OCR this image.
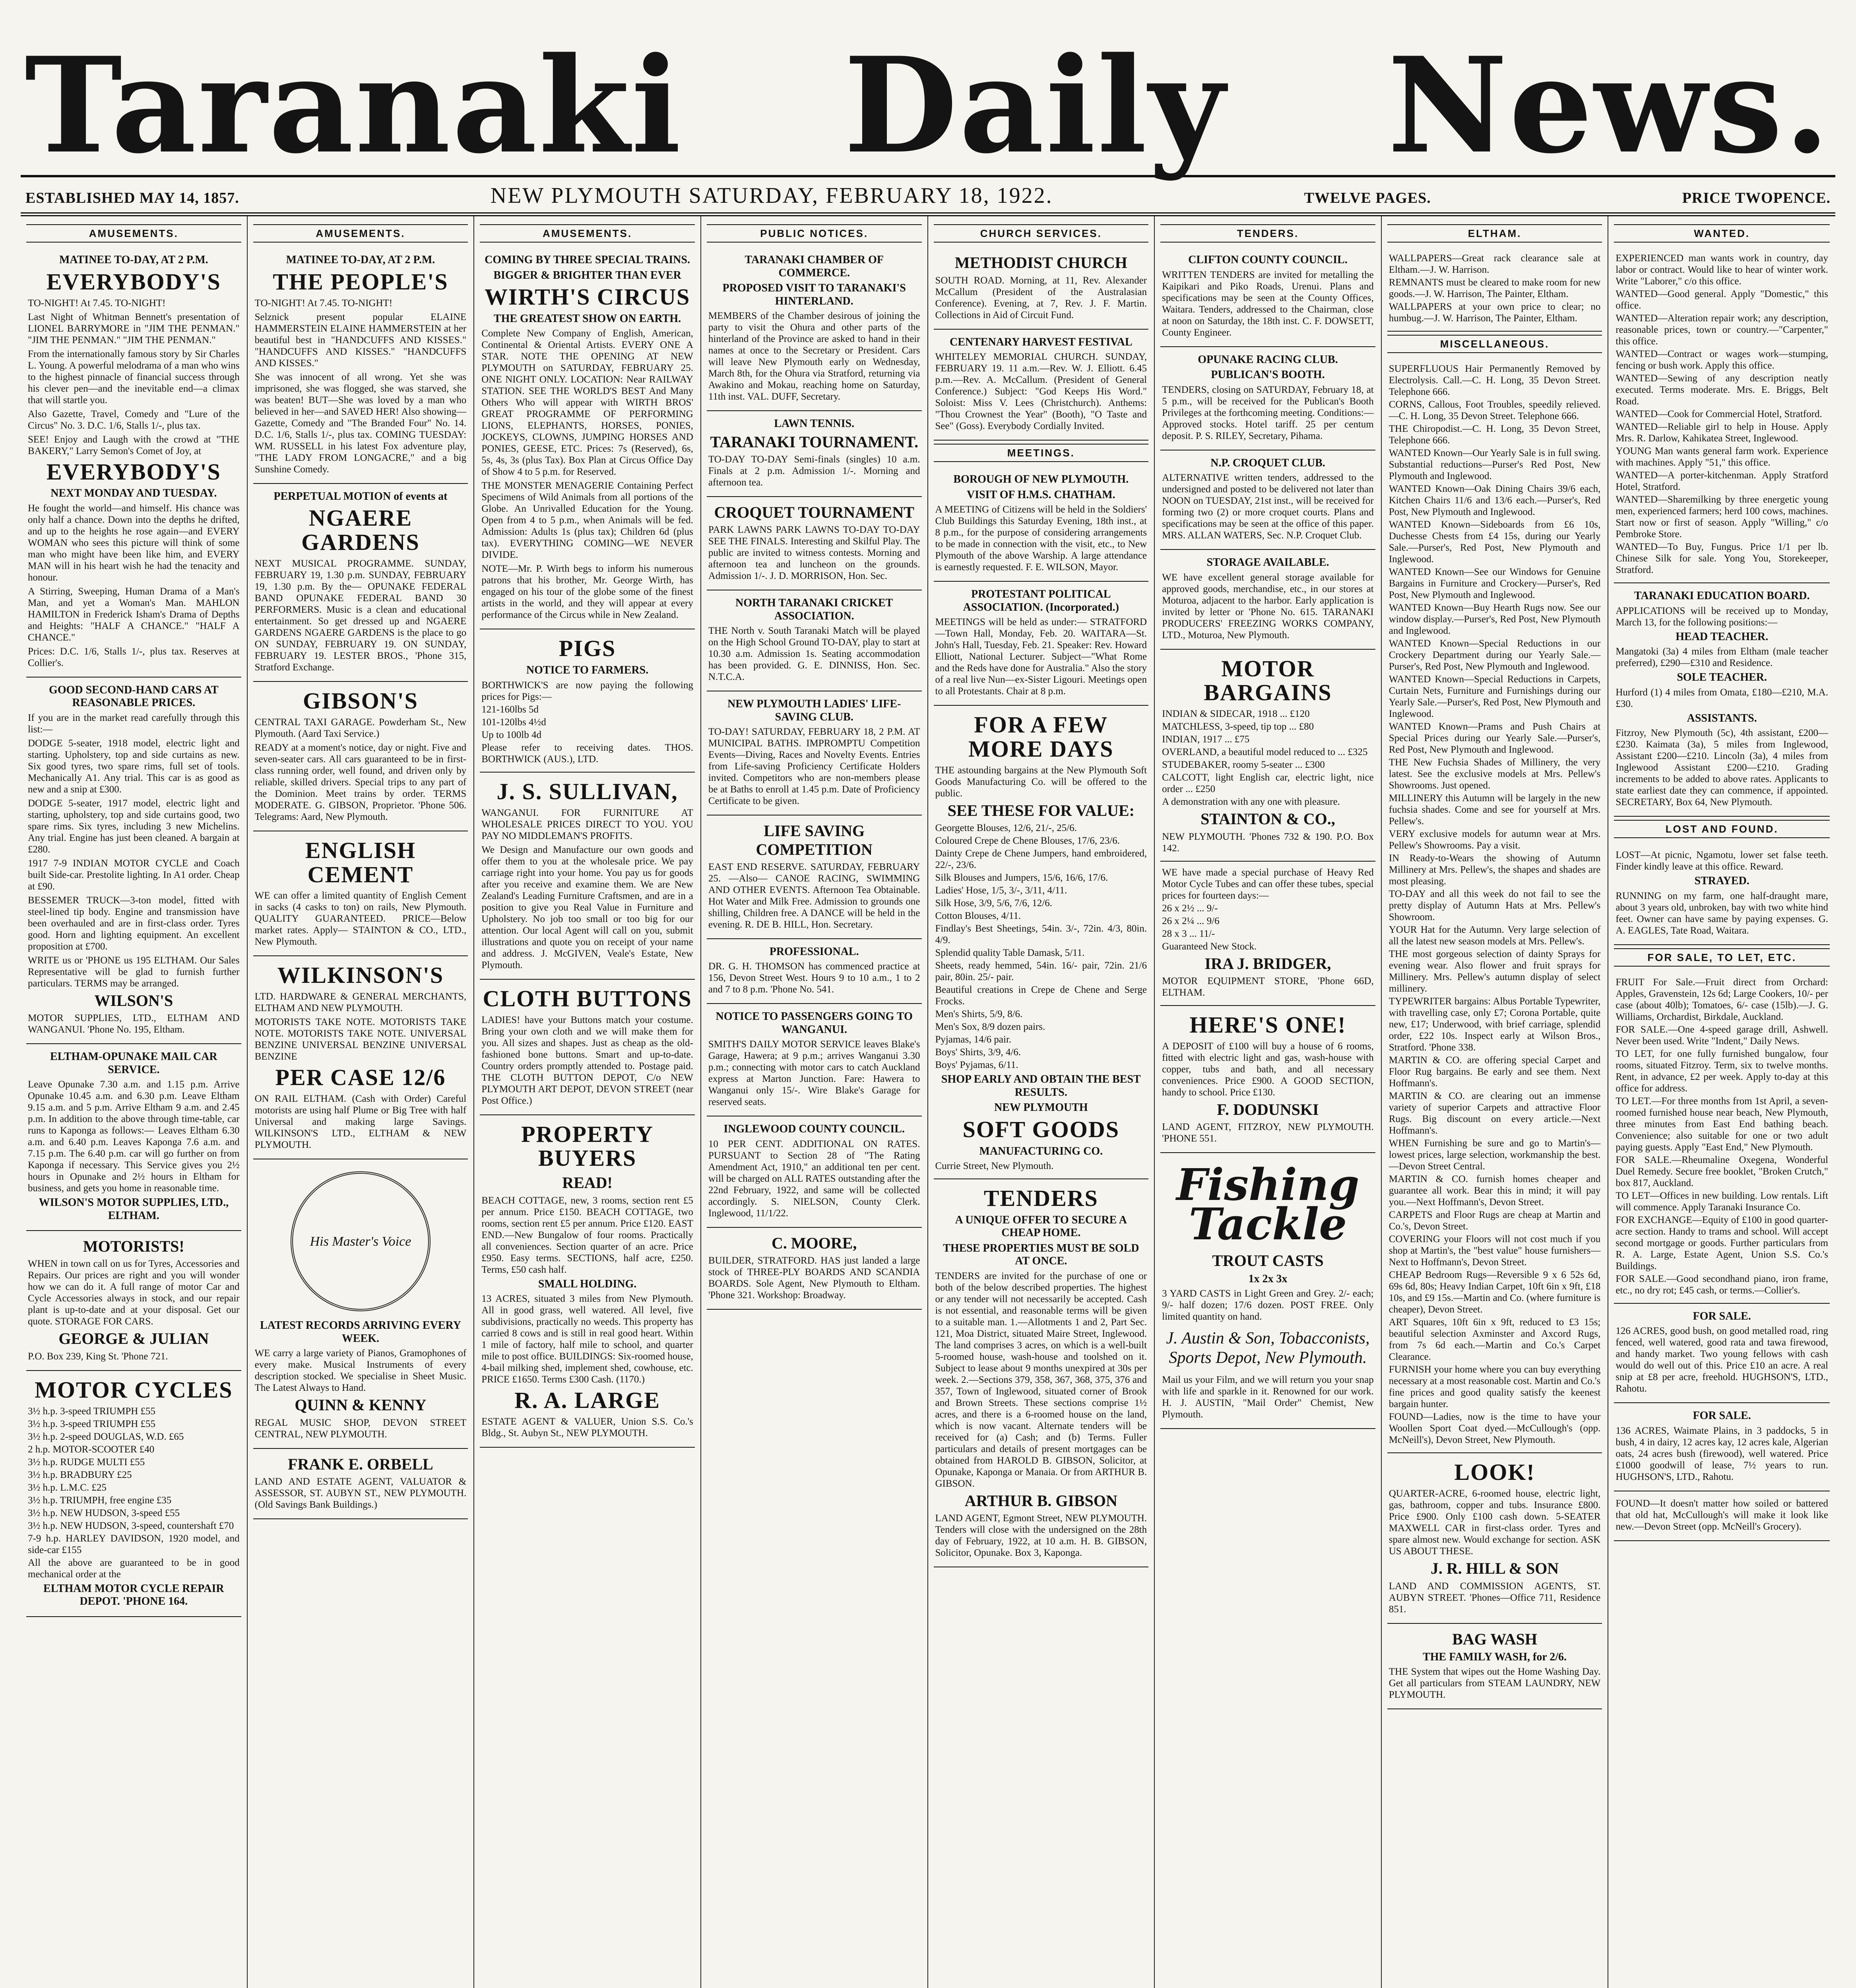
Taranaki Daily News.
ESTABLISHED MAY 14, 1857.	NEW PLYMOUTH SATURDAY, FEBRUARY 18, 1922.	TWELVE PAGES.	PRICE TWOPENCE.
AMUSEMENTS.
MATINEE TO-DAY, AT 2 P.M.
EVERYBODY'S

TO-NIGHT! At 7.45. TO-NIGHT!

Last Night of Whitman Bennett's presentation of LIONEL BARRYMORE in "JIM THE PENMAN." "JIM THE PENMAN." "JIM THE PENMAN."

From the internationally famous story by Sir Charles L. Young. A powerful melodrama of a man who wins to the highest pinnacle of financial success through his clever pen—and the inevitable end—a climax that will startle you.

Also Gazette, Travel, Comedy and "Lure of the Circus" No. 3. D.C. 1/6, Stalls 1/-, plus tax.

SEE! Enjoy and Laugh with the crowd at "THE BAKERY," Larry Semon's Comet of Joy, at

EVERYBODY'S
NEXT MONDAY AND TUESDAY.

He fought the world—and himself. His chance was only half a chance. Down into the depths he drifted, and up to the heights he rose again—and EVERY WOMAN who sees this picture will think of some man who might have been like him, and EVERY MAN will in his heart wish he had the tenacity and honour.

A Stirring, Sweeping, Human Drama of a Man's Man, and yet a Woman's Man. MAHLON HAMILTON in Frederick Isham's Drama of Depths and Heights: "HALF A CHANCE." "HALF A CHANCE."

Prices: D.C. 1/6, Stalls 1/-, plus tax. Reserves at Collier's.

GOOD SECOND-HAND CARS AT REASONABLE PRICES.

If you are in the market read carefully through this list:—

DODGE 5-seater, 1918 model, electric light and starting. Upholstery, top and side curtains as new. Six good tyres, two spare rims, full set of tools. Mechanically A1. Any trial. This car is as good as new and a snip at £300.

DODGE 5-seater, 1917 model, electric light and starting, upholstery, top and side curtains good, two spare rims. Six tyres, including 3 new Michelins. Any trial. Engine has just been cleaned. A bargain at £280.

1917 7-9 INDIAN MOTOR CYCLE and Coach built Side-car. Prestolite lighting. In A1 order. Cheap at £90.

BESSEMER TRUCK—3-ton model, fitted with steel-lined tip body. Engine and transmission have been overhauled and are in first-class order. Tyres good. Horn and lighting equipment. An excellent proposition at £700.

WRITE us or 'PHONE us 195 ELTHAM. Our Sales Representative will be glad to furnish further particulars. TERMS may be arranged.

WILSON'S

MOTOR SUPPLIES, LTD., ELTHAM AND WANGANUI. 'Phone No. 195, Eltham.

ELTHAM-OPUNAKE MAIL CAR SERVICE.

Leave Opunake 7.30 a.m. and 1.15 p.m. Arrive Opunake 10.45 a.m. and 6.30 p.m. Leave Eltham 9.15 a.m. and 5 p.m. Arrive Eltham 9 a.m. and 2.45 p.m. In addition to the above through time-table, car runs to Kaponga as follows:— Leaves Eltham 6.30 a.m. and 6.40 p.m. Leaves Kaponga 7.6 a.m. and 7.15 p.m. The 6.40 p.m. car will go further on from Kaponga if necessary. This Service gives you 2½ hours in Opunake and 2½ hours in Eltham for business, and gets you home in reasonable time.

WILSON'S MOTOR SUPPLIES, LTD., ELTHAM.
MOTORISTS!

WHEN in town call on us for Tyres, Accessories and Repairs. Our prices are right and you will wonder how we can do it. A full range of motor Car and Cycle Accessories always in stock, and our repair plant is up-to-date and at your disposal. Get our quote. STORAGE FOR CARS.

GEORGE & JULIAN

P.O. Box 239, King St. 'Phone 721.

MOTOR CYCLES

3½ h.p. 3-speed TRIUMPH £55

3½ h.p. 3-speed TRIUMPH £55

3½ h.p. 2-speed DOUGLAS, W.D. £65

2 h.p. MOTOR-SCOOTER £40

3½ h.p. RUDGE MULTI £55

3½ h.p. BRADBURY £25

3½ h.p. L.M.C. £25

3½ h.p. TRIUMPH, free engine £35

3½ h.p. NEW HUDSON, 3-speed £55

3½ h.p. NEW HUDSON, 3-speed, countershaft £70

7-9 h.p. HARLEY DAVIDSON, 1920 model, and side-car £155

All the above are guaranteed to be in good mechanical order at the

ELTHAM MOTOR CYCLE REPAIR DEPOT. 'PHONE 164.
AMUSEMENTS.
MATINEE TO-DAY, AT 2 P.M.
THE PEOPLE'S

TO-NIGHT! At 7.45. TO-NIGHT!

Selznick present popular ELAINE HAMMERSTEIN ELAINE HAMMERSTEIN at her beautiful best in "HANDCUFFS AND KISSES." "HANDCUFFS AND KISSES." "HANDCUFFS AND KISSES."

She was innocent of all wrong. Yet she was imprisoned, she was flogged, she was starved, she was beaten! BUT—She was loved by a man who believed in her—and SAVED HER! Also showing—Gazette, Comedy and "The Branded Four" No. 14. D.C. 1/6, Stalls 1/-, plus tax. COMING TUESDAY: WM. RUSSELL in his latest Fox adventure play, "THE LADY FROM LONGACRE," and a big Sunshine Comedy.

PERPETUAL MOTION of events at
NGAERE GARDENS

NEXT MUSICAL PROGRAMME. SUNDAY, FEBRUARY 19, 1.30 p.m. SUNDAY, FEBRUARY 19, 1.30 p.m. By the— OPUNAKE FEDERAL BAND OPUNAKE FEDERAL BAND 30 PERFORMERS. Music is a clean and educational entertainment. So get dressed up and NGAERE GARDENS NGAERE GARDENS is the place to go ON SUNDAY, FEBRUARY 19. ON SUNDAY, FEBRUARY 19. LESTER BROS., 'Phone 315, Stratford Exchange.

GIBSON'S

CENTRAL TAXI GARAGE. Powderham St., New Plymouth. (Aard Taxi Service.)

READY at a moment's notice, day or night. Five and seven-seater cars. All cars guaranteed to be in first-class running order, well found, and driven only by reliable, skilled drivers. Special trips to any part of the Dominion. Meet trains by order. TERMS MODERATE. G. GIBSON, Proprietor. 'Phone 506. Telegrams: Aard, New Plymouth.

ENGLISH CEMENT

WE can offer a limited quantity of English Cement in sacks (4 casks to ton) on rails, New Plymouth. QUALITY GUARANTEED. PRICE—Below market rates. Apply— STAINTON & CO., LTD., New Plymouth.

WILKINSON'S

LTD. HARDWARE & GENERAL MERCHANTS, ELTHAM AND NEW PLYMOUTH.

MOTORISTS TAKE NOTE. MOTORISTS TAKE NOTE. MOTORISTS TAKE NOTE. UNIVERSAL BENZINE UNIVERSAL BENZINE UNIVERSAL BENZINE

PER CASE 12/6

ON RAIL ELTHAM. (Cash with Order) Careful motorists are using half Plume or Big Tree with half Universal and making large Savings. WILKINSON'S LTD., ELTHAM & NEW PLYMOUTH.

His Master's Voice
LATEST RECORDS ARRIVING EVERY WEEK.

WE carry a large variety of Pianos, Gramophones of every make. Musical Instruments of every description stocked. We specialise in Sheet Music. The Latest Always to Hand.

QUINN & KENNY

REGAL MUSIC SHOP, DEVON STREET CENTRAL, NEW PLYMOUTH.

FRANK E. ORBELL

LAND AND ESTATE AGENT, VALUATOR & ASSESSOR, ST. AUBYN ST., NEW PLYMOUTH. (Old Savings Bank Buildings.)

AMUSEMENTS.
COMING BY THREE SPECIAL TRAINS.
BIGGER & BRIGHTER THAN EVER
WIRTH'S CIRCUS
THE GREATEST SHOW ON EARTH.

Complete New Company of English, American, Continental & Oriental Artists. EVERY ONE A STAR. NOTE THE OPENING AT NEW PLYMOUTH on SATURDAY, FEBRUARY 25. ONE NIGHT ONLY. LOCATION: Near RAILWAY STATION. SEE THE WORLD'S BEST And Many Others Who will appear with WIRTH BROS' GREAT PROGRAMME OF PERFORMING LIONS, ELEPHANTS, HORSES, PONIES, JOCKEYS, CLOWNS, JUMPING HORSES AND PONIES, GEESE, ETC. Prices: 7s (Reserved), 6s, 5s, 4s, 3s (plus Tax). Box Plan at Circus Office Day of Show 4 to 5 p.m. for Reserved.

THE MONSTER MENAGERIE Containing Perfect Specimens of Wild Animals from all portions of the Globe. An Unrivalled Education for the Young. Open from 4 to 5 p.m., when Animals will be fed. Admission: Adults 1s (plus tax); Children 6d (plus tax). EVERYTHING COMING—WE NEVER DIVIDE.

NOTE—Mr. P. Wirth begs to inform his numerous patrons that his brother, Mr. George Wirth, has engaged on his tour of the globe some of the finest artists in the world, and they will appear at every performance of the Circus while in New Zealand.

PIGS
NOTICE TO FARMERS.

BORTHWICK'S are now paying the following prices for Pigs:—

121-160lbs 5d

101-120lbs 4½d

Up to 100lb 4d

Please refer to receiving dates. THOS. BORTHWICK (AUS.), LTD.

J. S. SULLIVAN,

WANGANUI. FOR FURNITURE AT WHOLESALE PRICES DIRECT TO YOU. YOU PAY NO MIDDLEMAN'S PROFITS.

We Design and Manufacture our own goods and offer them to you at the wholesale price. We pay carriage right into your home. You pay us for goods after you receive and examine them. We are New Zealand's Leading Furniture Craftsmen, and are in a position to give you Real Value in Furniture and Upholstery. No job too small or too big for our attention. Our local Agent will call on you, submit illustrations and quote you on receipt of your name and address. J. McGIVEN, Veale's Estate, New Plymouth.

CLOTH BUTTONS

LADIES! have your Buttons match your costume. Bring your own cloth and we will make them for you. All sizes and shapes. Just as cheap as the old-fashioned bone buttons. Smart and up-to-date. Country orders promptly attended to. Postage paid. THE CLOTH BUTTON DEPOT, C/o NEW PLYMOUTH ART DEPOT, DEVON STREET (near Post Office.)

PROPERTY BUYERS
READ!

BEACH COTTAGE, new, 3 rooms, section rent £5 per annum. Price £150. BEACH COTTAGE, two rooms, section rent £5 per annum. Price £120. EAST END.—New Bungalow of four rooms. Practically all conveniences. Section quarter of an acre. Price £950. Easy terms. SECTIONS, half acre, £250. Terms, £50 cash half.

SMALL HOLDING.

13 ACRES, situated 3 miles from New Plymouth. All in good grass, well watered. All level, five subdivisions, practically no weeds. This property has carried 8 cows and is still in real good heart. Within 1 mile of factory, half mile to school, and quarter mile to post office. BUILDINGS: Six-roomed house, 4-bail milking shed, implement shed, cowhouse, etc. PRICE £1650. Terms £300 Cash. (1170.)

R. A. LARGE

ESTATE AGENT & VALUER, Union S.S. Co.'s Bldg., St. Aubyn St., NEW PLYMOUTH.

PUBLIC NOTICES.
TARANAKI CHAMBER OF COMMERCE.
PROPOSED VISIT TO TARANAKI'S HINTERLAND.

MEMBERS of the Chamber desirous of joining the party to visit the Ohura and other parts of the hinterland of the Province are asked to hand in their names at once to the Secretary or President. Cars will leave New Plymouth early on Wednesday, March 8th, for the Ohura via Stratford, returning via Awakino and Mokau, reaching home on Saturday, 11th inst. VAL. DUFF, Secretary.

LAWN TENNIS.
TARANAKI TOURNAMENT.

TO-DAY TO-DAY Semi-finals (singles) 10 a.m. Finals at 2 p.m. Admission 1/-. Morning and afternoon tea.

CROQUET TOURNAMENT

PARK LAWNS PARK LAWNS TO-DAY TO-DAY SEE THE FINALS. Interesting and Skilful Play. The public are invited to witness contests. Morning and afternoon tea and luncheon on the grounds. Admission 1/-. J. D. MORRISON, Hon. Sec.

NORTH TARANAKI CRICKET ASSOCIATION.

THE North v. South Taranaki Match will be played on the High School Ground TO-DAY, play to start at 10.30 a.m. Admission 1s. Seating accommodation has been provided. G. E. DINNISS, Hon. Sec. N.T.C.A.

NEW PLYMOUTH LADIES' LIFE-SAVING CLUB.

TO-DAY! SATURDAY, FEBRUARY 18, 2 P.M. AT MUNICIPAL BATHS. IMPROMPTU Competition Events—Diving, Races and Novelty Events. Entries from Life-saving Proficiency Certificate Holders invited. Competitors who are non-members please be at Baths to enroll at 1.45 p.m. Date of Proficiency Certificate to be given.

LIFE SAVING COMPETITION

EAST END RESERVE. SATURDAY, FEBRUARY 25. —Also— CANOE RACING, SWIMMING AND OTHER EVENTS. Afternoon Tea Obtainable. Hot Water and Milk Free. Admission to grounds one shilling, Children free. A DANCE will be held in the evening. R. DE B. HILL, Hon. Secretary.

PROFESSIONAL.

DR. G. H. THOMSON has commenced practice at 156, Devon Street West. Hours 9 to 10 a.m., 1 to 2 and 7 to 8 p.m. 'Phone No. 541.

NOTICE TO PASSENGERS GOING TO WANGANUI.

SMITH'S DAILY MOTOR SERVICE leaves Blake's Garage, Hawera; at 9 p.m.; arrives Wanganui 3.30 p.m.; connecting with motor cars to catch Auckland express at Marton Junction. Fare: Hawera to Wanganui only 15/-. Wire Blake's Garage for reserved seats.

INGLEWOOD COUNTY COUNCIL.

10 PER CENT. ADDITIONAL ON RATES. PURSUANT to Section 28 of "The Rating Amendment Act, 1910," an additional ten per cent. will be charged on ALL RATES outstanding after the 22nd February, 1922, and same will be collected accordingly. S. NIELSON, County Clerk. Inglewood, 11/1/22.

C. MOORE,

BUILDER, STRATFORD. HAS just landed a large stock of THREE-PLY BOARDS AND SCANDIA BOARDS. Sole Agent, New Plymouth to Eltham. 'Phone 321. Workshop: Broadway.

CHURCH SERVICES.
METHODIST CHURCH

SOUTH ROAD. Morning, at 11, Rev. Alexander McCallum (President of the Australasian Conference). Evening, at 7, Rev. J. F. Martin. Collections in Aid of Circuit Fund.

CENTENARY HARVEST FESTIVAL

WHITELEY MEMORIAL CHURCH. SUNDAY, FEBRUARY 19. 11 a.m.—Rev. W. J. Elliott. 6.45 p.m.—Rev. A. McCallum. (President of General Conference.) Subject: "God Keeps His Word." Soloist: Miss V. Lees (Christchurch). Anthems: "Thou Crownest the Year" (Booth), "O Taste and See" (Goss). Everybody Cordially Invited.

MEETINGS.
BOROUGH OF NEW PLYMOUTH.
VISIT OF H.M.S. CHATHAM.

A MEETING of Citizens will be held in the Soldiers' Club Buildings this Saturday Evening, 18th inst., at 8 p.m., for the purpose of considering arrangements to be made in connection with the visit, etc., to New Plymouth of the above Warship. A large attendance is earnestly requested. F. E. WILSON, Mayor.

PROTESTANT POLITICAL ASSOCIATION. (Incorporated.)

MEETINGS will be held as under:— STRATFORD—Town Hall, Monday, Feb. 20. WAITARA—St. John's Hall, Tuesday, Feb. 21. Speaker: Rev. Howard Elliott, National Lecturer. Subject—"What Rome and the Reds have done for Australia." Also the story of a real live Nun—ex-Sister Ligouri. Meetings open to all Protestants. Chair at 8 p.m.

FOR A FEW MORE DAYS

THE astounding bargains at the New Plymouth Soft Goods Manufacturing Co. will be offered to the public.

SEE THESE FOR VALUE:

Georgette Blouses, 12/6, 21/-, 25/6.

Coloured Crepe de Chene Blouses, 17/6, 23/6.

Dainty Crepe de Chene Jumpers, hand embroidered, 22/-, 23/6.

Silk Blouses and Jumpers, 15/6, 16/6, 17/6.

Ladies' Hose, 1/5, 3/-, 3/11, 4/11.

Silk Hose, 3/9, 5/6, 7/6, 12/6.

Cotton Blouses, 4/11.

Findlay's Best Sheetings, 54in. 3/-, 72in. 4/3, 80in. 4/9.

Splendid quality Table Damask, 5/11.

Sheets, ready hemmed, 54in. 16/- pair, 72in. 21/6 pair, 80in. 25/- pair.

Beautiful creations in Crepe de Chene and Serge Frocks.

Men's Shirts, 5/9, 8/6.

Men's Sox, 8/9 dozen pairs.

Pyjamas, 14/6 pair.

Boys' Shirts, 3/9, 4/6.

Boys' Pyjamas, 6/11.

SHOP EARLY AND OBTAIN THE BEST RESULTS.
NEW PLYMOUTH
SOFT GOODS
MANUFACTURING CO.

Currie Street, New Plymouth.

TENDERS
A UNIQUE OFFER TO SECURE A CHEAP HOME.
THESE PROPERTIES MUST BE SOLD AT ONCE.

TENDERS are invited for the purchase of one or both of the below described properties. The highest or any tender will not necessarily be accepted. Cash is not essential, and reasonable terms will be given to a suitable man. 1.—Allotments 1 and 2, Part Sec. 121, Moa District, situated Maire Street, Inglewood. The land comprises 3 acres, on which is a well-built 5-roomed house, wash-house and toolshed on it. Subject to lease about 9 months unexpired at 30s per week. 2.—Sections 379, 358, 367, 368, 375, 376 and 357, Town of Inglewood, situated corner of Brook and Brown Streets. These sections comprise 1½ acres, and there is a 6-roomed house on the land, which is now vacant. Alternate tenders will be received for (a) Cash; and (b) Terms. Fuller particulars and details of present mortgages can be obtained from HAROLD B. GIBSON, Solicitor, at Opunake, Kaponga or Manaia. Or from ARTHUR B. GIBSON.

ARTHUR B. GIBSON

LAND AGENT, Egmont Street, NEW PLYMOUTH. Tenders will close with the undersigned on the 28th day of February, 1922, at 10 a.m. H. B. GIBSON, Solicitor, Opunake. Box 3, Kaponga.

TENDERS.
CLIFTON COUNTY COUNCIL.

WRITTEN TENDERS are invited for metalling the Kaipikari and Piko Roads, Urenui. Plans and specifications may be seen at the County Offices, Waitara. Tenders, addressed to the Chairman, close at noon on Saturday, the 18th inst. C. F. DOWSETT, County Engineer.

OPUNAKE RACING CLUB.
PUBLICAN'S BOOTH.

TENDERS, closing on SATURDAY, February 18, at 5 p.m., will be received for the Publican's Booth Privileges at the forthcoming meeting. Conditions:— Approved stocks. Hotel tariff. 25 per centum deposit. P. S. RILEY, Secretary, Pihama.

N.P. CROQUET CLUB.

ALTERNATIVE written tenders, addressed to the undersigned and posted to be delivered not later than NOON on TUESDAY, 21st inst., will be received for forming two (2) or more croquet courts. Plans and specifications may be seen at the office of this paper. MRS. ALLAN WATERS, Sec. N.P. Croquet Club.

STORAGE AVAILABLE.

WE have excellent general storage available for approved goods, merchandise, etc., in our stores at Moturoa, adjacent to the harbor. Early application is invited by letter or 'Phone No. 615. TARANAKI PRODUCERS' FREEZING WORKS COMPANY, LTD., Moturoa, New Plymouth.

MOTOR BARGAINS

INDIAN & SIDECAR, 1918 ... £120

MATCHLESS, 3-speed, tip top ... £80

INDIAN, 1917 ... £75

OVERLAND, a beautiful model reduced to ... £325

STUDEBAKER, roomy 5-seater ... £300

CALCOTT, light English car, electric light, nice order ... £250

A demonstration with any one with pleasure.

STAINTON & CO.,

NEW PLYMOUTH. 'Phones 732 & 190. P.O. Box 142.

WE have made a special purchase of Heavy Red Motor Cycle Tubes and can offer these tubes, special prices for fourteen days:—

26 x 2½ ... 9/-

26 x 2¼ ... 9/6

28 x 3 ... 11/-

Guaranteed New Stock.

IRA J. BRIDGER,

MOTOR EQUIPMENT STORE, 'Phone 66D, ELTHAM.

HERE'S ONE!

A DEPOSIT of £100 will buy a house of 6 rooms, fitted with electric light and gas, wash-house with copper, tubs and bath, and all necessary conveniences. Price £900. A GOOD SECTION, handy to school. Price £130.

F. DODUNSKI

LAND AGENT, FITZROY, NEW PLYMOUTH. 'PHONE 551.

Fishing
Tackle
TROUT CASTS
1x 2x 3x

3 YARD CASTS in Light Green and Grey. 2/- each; 9/- half dozen; 17/6 dozen. POST FREE. Only limited quantity on hand.

J. Austin & Son, Tobacconists, Sports Depot, New Plymouth.

Mail us your Film, and we will return you your snap with life and sparkle in it. Renowned for our work. H. J. AUSTIN, "Mail Order" Chemist, New Plymouth.

ELTHAM.

WALLPAPERS—Great rack clearance sale at Eltham.—J. W. Harrison.

REMNANTS must be cleared to make room for new goods.—J. W. Harrison, The Painter, Eltham.

WALLPAPERS at your own price to clear; no humbug.—J. W. Harrison, The Painter, Eltham.

MISCELLANEOUS.

SUPERFLUOUS Hair Permanently Removed by Electrolysis. Call.—C. H. Long, 35 Devon Street. Telephone 666.

CORNS, Callous, Foot Troubles, speedily relieved.—C. H. Long, 35 Devon Street. Telephone 666.

THE Chiropodist.—C. H. Long, 35 Devon Street, Telephone 666.

WANTED Known—Our Yearly Sale is in full swing. Substantial reductions—Purser's Red Post, New Plymouth and Inglewood.

WANTED Known—Oak Dining Chairs 39/6 each, Kitchen Chairs 11/6 and 13/6 each.—Purser's, Red Post, New Plymouth and Inglewood.

WANTED Known—Sideboards from £6 10s, Duchesse Chests from £4 15s, during our Yearly Sale.—Purser's, Red Post, New Plymouth and Inglewood.

WANTED Known—See our Windows for Genuine Bargains in Furniture and Crockery—Purser's, Red Post, New Plymouth and Inglewood.

WANTED Known—Buy Hearth Rugs now. See our window display.—Purser's, Red Post, New Plymouth and Inglewood.

WANTED Known—Special Reductions in our Crockery Department during our Yearly Sale.—Purser's, Red Post, New Plymouth and Inglewood.

WANTED Known—Special Reductions in Carpets, Curtain Nets, Furniture and Furnishings during our Yearly Sale.—Purser's, Red Post, New Plymouth and Inglewood.

WANTED Known—Prams and Push Chairs at Special Prices during our Yearly Sale.—Purser's, Red Post, New Plymouth and Inglewood.

THE New Fuchsia Shades of Millinery, the very latest. See the exclusive models at Mrs. Pellew's Showrooms. Just opened.

MILLINERY this Autumn will be largely in the new fuchsia shades. Come and see for yourself at Mrs. Pellew's.

VERY exclusive models for autumn wear at Mrs. Pellew's Showrooms. Pay a visit.

IN Ready-to-Wears the showing of Autumn Millinery at Mrs. Pellew's, the shapes and shades are most pleasing.

TO-DAY and all this week do not fail to see the pretty display of Autumn Hats at Mrs. Pellew's Showroom.

YOUR Hat for the Autumn. Very large selection of all the latest new season models at Mrs. Pellew's.

THE most gorgeous selection of dainty Sprays for evening wear. Also flower and fruit sprays for Millinery. Mrs. Pellew's autumn display of select millinery.

TYPEWRITER bargains: Albus Portable Typewriter, with travelling case, only £7; Corona Portable, quite new, £17; Underwood, with brief carriage, splendid order, £22 10s. Inspect early at Wilson Bros., Stratford. 'Phone 338.

MARTIN & CO. are offering special Carpet and Floor Rug bargains. Be early and see them. Next Hoffmann's.

MARTIN & CO. are clearing out an immense variety of superior Carpets and attractive Floor Rugs. Big discount on every article.—Next Hoffmann's.

WHEN Furnishing be sure and go to Martin's—lowest prices, large selection, workmanship the best.—Devon Street Central.

MARTIN & CO. furnish homes cheaper and guarantee all work. Bear this in mind; it will pay you.—Next Hoffmann's, Devon Street.

CARPETS and Floor Rugs are cheap at Martin and Co.'s, Devon Street.

COVERING your Floors will not cost much if you shop at Martin's, the "best value" house furnishers—Next to Hoffmann's, Devon Street.

CHEAP Bedroom Rugs—Reversible 9 x 6 52s 6d, 69s 6d, 80s; Heavy Indian Carpet, 10ft 6in x 9ft, £18 10s, and £9 15s.—Martin and Co. (where furniture is cheaper), Devon Street.

ART Squares, 10ft 6in x 9ft, reduced to £3 15s; beautiful selection Axminster and Axcord Rugs, from 7s 6d each.—Martin and Co.'s Carpet Clearance.

FURNISH your home where you can buy everything necessary at a most reasonable cost. Martin and Co.'s fine prices and good quality satisfy the keenest bargain hunter.

FOUND—Ladies, now is the time to have your Woollen Sport Coat dyed.—McCullough's (opp. McNeill's), Devon Street, New Plymouth.

LOOK!

QUARTER-ACRE, 6-roomed house, electric light, gas, bathroom, copper and tubs. Insurance £800. Price £900. Only £100 cash down. 5-SEATER MAXWELL CAR in first-class order. Tyres and spare almost new. Would exchange for section. ASK US ABOUT THESE.

J. R. HILL & SON

LAND AND COMMISSION AGENTS, ST. AUBYN STREET. 'Phones—Office 711, Residence 851.

BAG WASH
THE FAMILY WASH, for 2/6.

THE System that wipes out the Home Washing Day. Get all particulars from STEAM LAUNDRY, NEW PLYMOUTH.

WANTED.

EXPERIENCED man wants work in country, day labor or contract. Would like to hear of winter work. Write "Laborer," c/o this office.

WANTED—Good general. Apply "Domestic," this office.

WANTED—Alteration repair work; any description, reasonable prices, town or country.—"Carpenter," this office.

WANTED—Contract or wages work—stumping, fencing or bush work. Apply this office.

WANTED—Sewing of any description neatly executed. Terms moderate. Mrs. E. Briggs, Belt Road.

WANTED—Cook for Commercial Hotel, Stratford.

WANTED—Reliable girl to help in House. Apply Mrs. R. Darlow, Kahikatea Street, Inglewood.

YOUNG Man wants general farm work. Experience with machines. Apply "51," this office.

WANTED—A porter-kitchenman. Apply Stratford Hotel, Stratford.

WANTED—Sharemilking by three energetic young men, experienced farmers; herd 100 cows, machines. Start now or first of season. Apply "Willing," c/o Pembroke Store.

WANTED—To Buy, Fungus. Price 1/1 per lb. Chinese Silk for sale. Yong You, Storekeeper, Stratford.

TARANAKI EDUCATION BOARD.

APPLICATIONS will be received up to Monday, March 13, for the following positions:—

HEAD TEACHER.

Mangatoki (3a) 4 miles from Eltham (male teacher preferred), £290—£310 and Residence.

SOLE TEACHER.

Hurford (1) 4 miles from Omata, £180—£210, M.A. £30.

ASSISTANTS.

Fitzroy, New Plymouth (5c), 4th assistant, £200—£230. Kaimata (3a), 5 miles from Inglewood, Assistant £200—£210. Lincoln (3a), 4 miles from Inglewood Assistant £200—£210. Grading increments to be added to above rates. Applicants to state earliest date they can commence, if appointed. SECRETARY, Box 64, New Plymouth.

LOST AND FOUND.

LOST—At picnic, Ngamotu, lower set false teeth. Finder kindly leave at this office. Reward.

STRAYED.

RUNNING on my farm, one half-draught mare, about 3 years old, unbroken, bay with two white hind feet. Owner can have same by paying expenses. G. A. EAGLES, Tate Road, Waitara.

FOR SALE, TO LET, ETC.

FRUIT For Sale.—Fruit direct from Orchard: Apples, Gravenstein, 12s 6d; Large Cookers, 10/- per case (about 40lb); Tomatoes, 6/- case (15lb).—J. G. Williams, Orchardist, Birkdale, Auckland.

FOR SALE.—One 4-speed garage drill, Ashwell. Never been used. Write "Indent," Daily News.

TO LET, for one fully furnished bungalow, four rooms, situated Fitzroy. Term, six to twelve months. Rent, in advance, £2 per week. Apply to-day at this office for address.

TO LET.—For three months from 1st April, a seven-roomed furnished house near beach, New Plymouth, three minutes from East End bathing beach. Convenience; also suitable for one or two adult paying guests. Apply "East End," New Plymouth.

FOR SALE.—Rheumaline Oxegena, Wonderful Duel Remedy. Secure free booklet, "Broken Crutch," box 817, Auckland.

TO LET—Offices in new building. Low rentals. Lift will commence. Apply Taranaki Insurance Co.

FOR EXCHANGE—Equity of £100 in good quarter-acre section. Handy to trams and school. Will accept second mortgage or goods. Further particulars from R. A. Large, Estate Agent, Union S.S. Co.'s Buildings.

FOR SALE.—Good secondhand piano, iron frame, etc., no dry rot; £45 cash, or terms.—Collier's.

FOR SALE.

126 ACRES, good bush, on good metalled road, ring fenced, well watered, good rata and tawa firewood, and handy market. Two young fellows with cash would do well out of this. Price £10 an acre. A real snip at £8 per acre, freehold. HUGHSON'S, LTD., Rahotu.

FOR SALE.

136 ACRES, Waimate Plains, in 3 paddocks, 5 in bush, 4 in dairy, 12 acres kay, 12 acres kale, Algerian oats, 24 acres bush (firewood), well watered. Price £1000 goodwill of lease, 7½ years to run. HUGHSON'S, LTD., Rahotu.

FOUND—It doesn't matter how soiled or battered that old hat, McCullough's will make it look like new.—Devon Street (opp. McNeill's Grocery).
